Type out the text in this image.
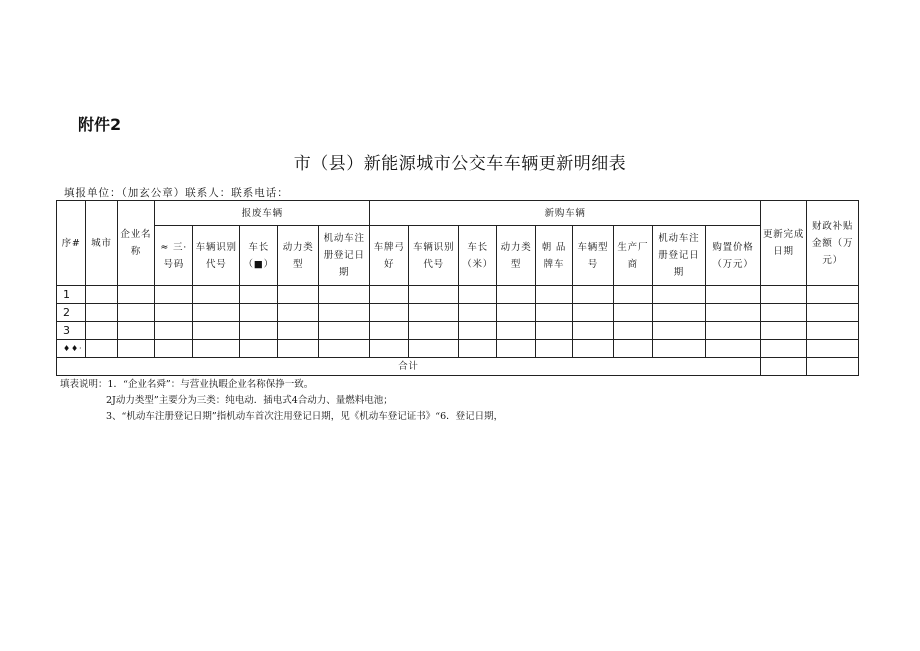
附件2
市（县）新能源城市公交车车辆更新明细表
填报单位：（加玄公章）联系人：联系电话：
序#	城市	企业名称	报废车辆					新购车辆									更新完成日期	财政补贴金额（万元）
			≈ 三· 号码	车辆识别代号	车长（■）	动力类型	机动车注册登记日期	车牌弓好	车辆识别代号	车长（米）	动力类型	朝 品牌车	车辆型号	生产厂商	机动车注册登记日期	购置价格（万元）		
1																		
2																		
3																		
♦♦·																		
合计																		
填表说明：1．“企业名舜”：与营业执暇企业名称保挣一致。
2J动力类型”主要分为三类：纯电动．插电式4合动力、量燃料电池；
3、“机动车注册登记日期”指机动车首次注用登记日期，见《机动车登记证书》“6．登记日期，
